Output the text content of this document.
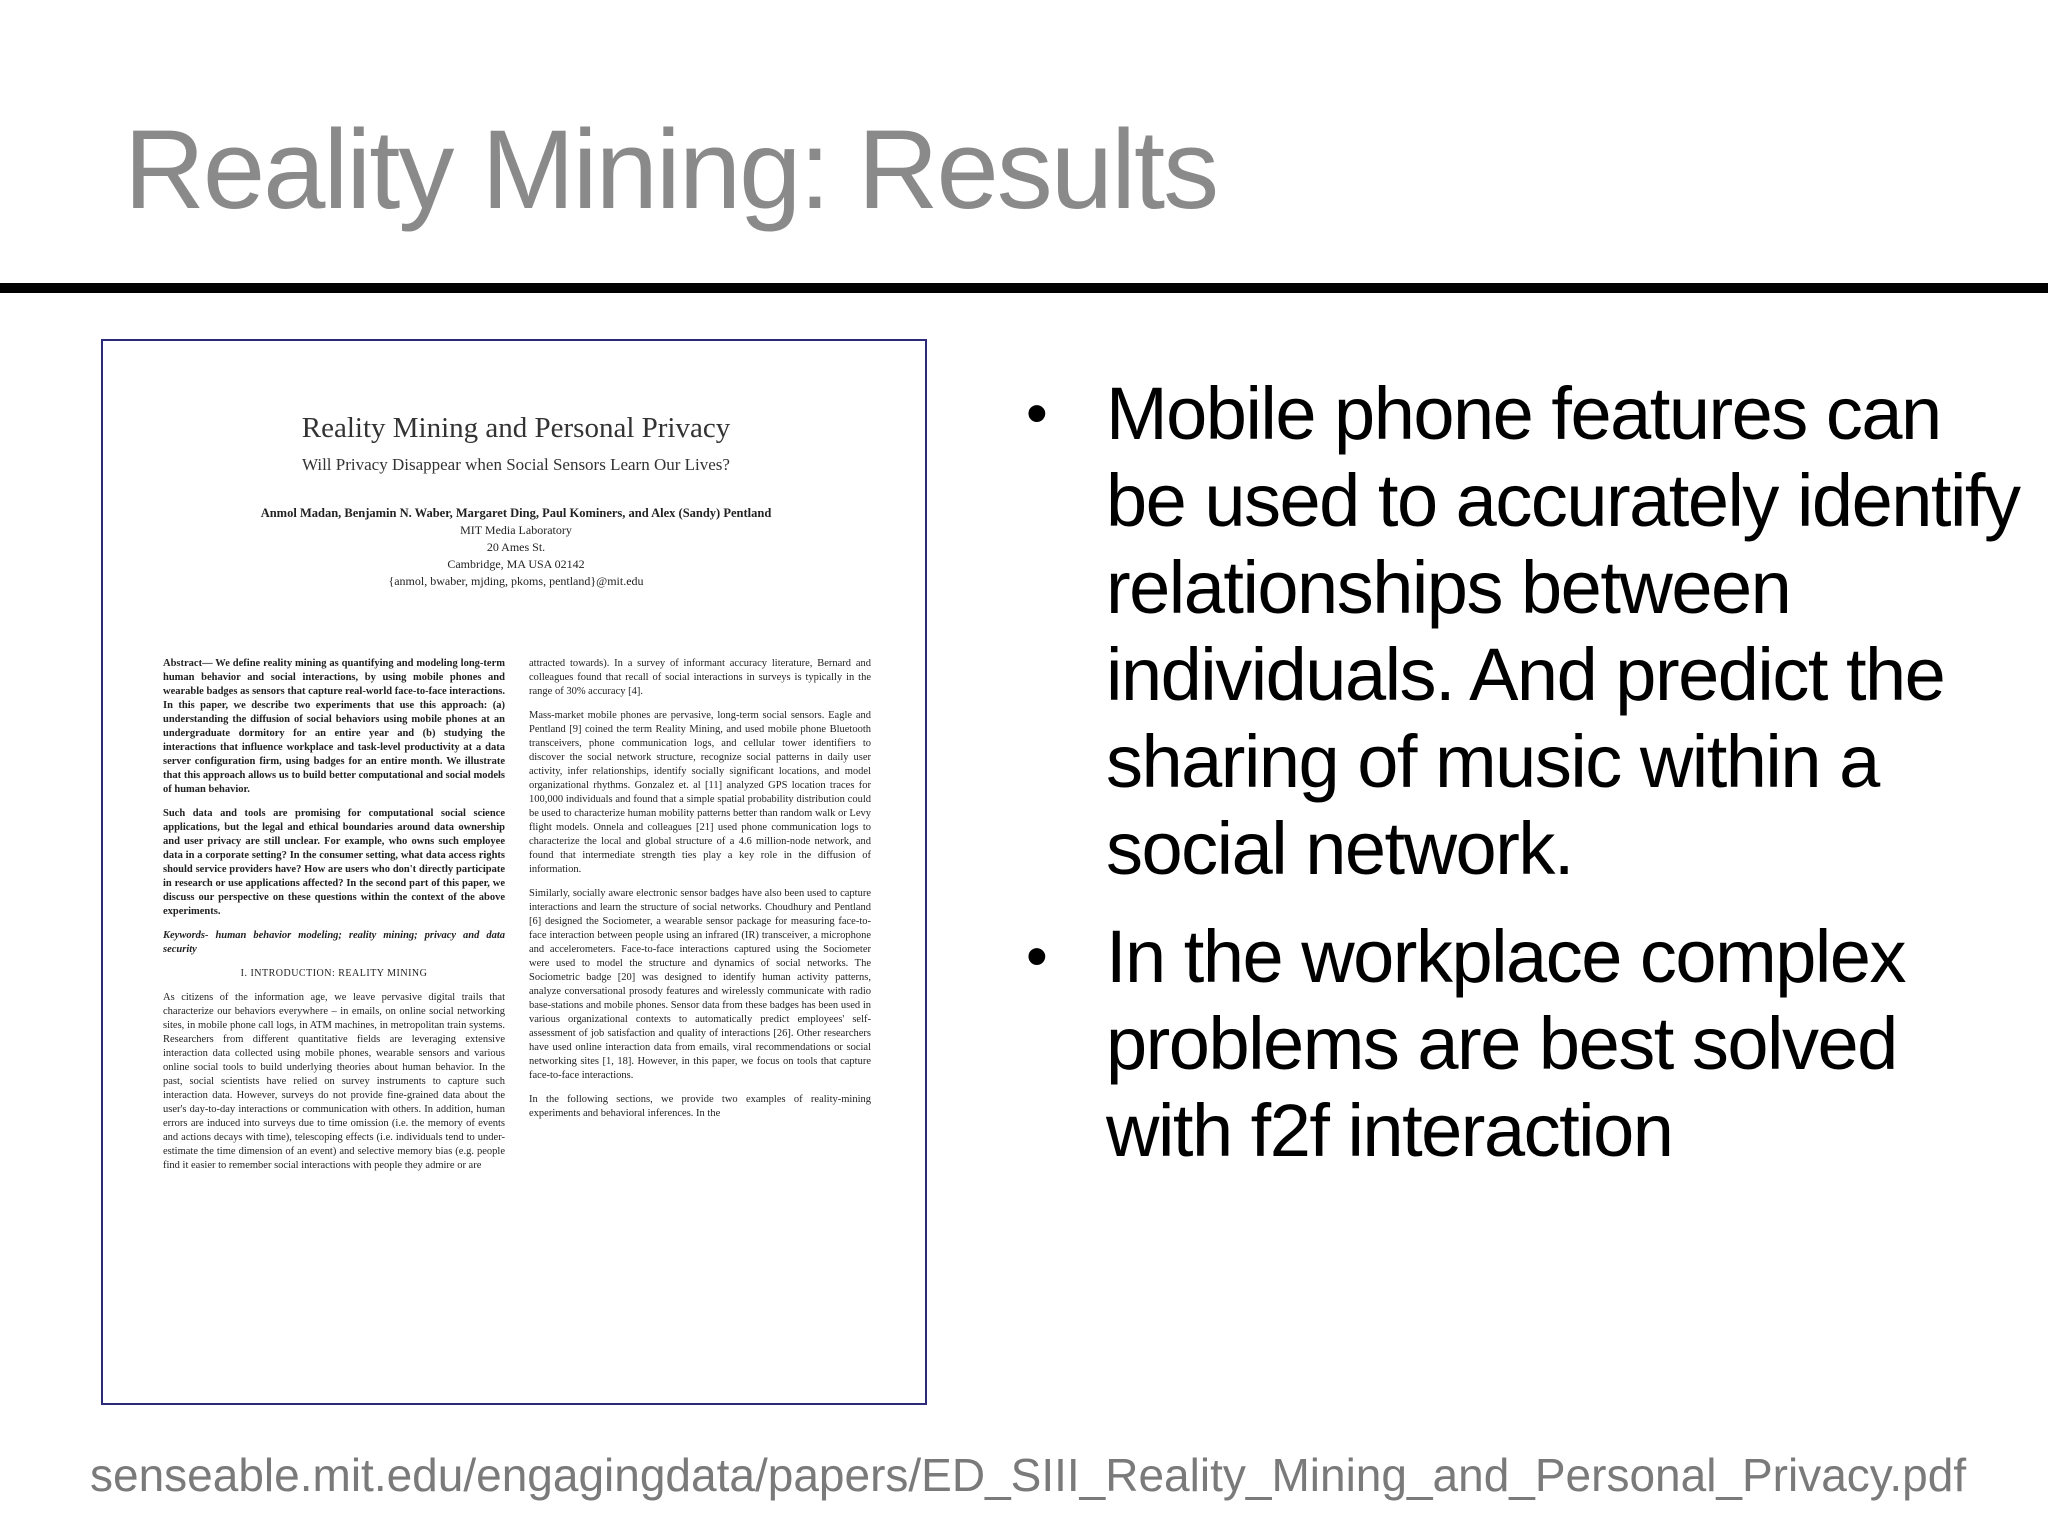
Reality Mining: Results
Reality Mining and Personal Privacy
Will Privacy Disappear when Social Sensors Learn Our Lives?
Anmol Madan, Benjamin N. Waber, Margaret Ding, Paul Kominers, and Alex (Sandy) Pentland
MIT Media Laboratory
20 Ames St.
Cambridge, MA USA 02142
{anmol, bwaber, mjding, pkoms, pentland}@mit.edu

Abstract— We define reality mining as quantifying and modeling long-term human behavior and social interactions, by using mobile phones and wearable badges as sensors that capture real-world face-to-face interactions. In this paper, we describe two experiments that use this approach: (a) understanding the diffusion of social behaviors using mobile phones at an undergraduate dormitory for an entire year and (b) studying the interactions that influence workplace and task-level productivity at a data server configuration firm, using badges for an entire month. We illustrate that this approach allows us to build better computational and social models of human behavior.

Such data and tools are promising for computational social science applications, but the legal and ethical boundaries around data ownership and user privacy are still unclear. For example, who owns such employee data in a corporate setting? In the consumer setting, what data access rights should service providers have? How are users who don't directly participate in research or use applications affected? In the second part of this paper, we discuss our perspective on these questions within the context of the above experiments.

Keywords- human behavior modeling; reality mining; privacy and data security

I. INTRODUCTION: REALITY MINING

As citizens of the information age, we leave pervasive digital trails that characterize our behaviors everywhere – in emails, on online social networking sites, in mobile phone call logs, in ATM machines, in metropolitan train systems. Researchers from different quantitative fields are leveraging extensive interaction data collected using mobile phones, wearable sensors and various online social tools to build underlying theories about human behavior. In the past, social scientists have relied on survey instruments to capture such interaction data. However, surveys do not provide fine-grained data about the user's day-to-day interactions or communication with others. In addition, human errors are induced into surveys due to time omission (i.e. the memory of events and actions decays with time), telescoping effects (i.e. individuals tend to under-estimate the time dimension of an event) and selective memory bias (e.g. people find it easier to remember social interactions with people they admire or are

attracted towards). In a survey of informant accuracy literature, Bernard and colleagues found that recall of social interactions in surveys is typically in the range of 30% accuracy [4].

Mass-market mobile phones are pervasive, long-term social sensors. Eagle and Pentland [9] coined the term Reality Mining, and used mobile phone Bluetooth transceivers, phone communication logs, and cellular tower identifiers to discover the social network structure, recognize social patterns in daily user activity, infer relationships, identify socially significant locations, and model organizational rhythms. Gonzalez et. al [11] analyzed GPS location traces for 100,000 individuals and found that a simple spatial probability distribution could be used to characterize human mobility patterns better than random walk or Levy flight models. Onnela and colleagues [21] used phone communication logs to characterize the local and global structure of a 4.6 million-node network, and found that intermediate strength ties play a key role in the diffusion of information.

Similarly, socially aware electronic sensor badges have also been used to capture interactions and learn the structure of social networks. Choudhury and Pentland [6] designed the Sociometer, a wearable sensor package for measuring face-to-face interaction between people using an infrared (IR) transceiver, a microphone and accelerometers. Face-to-face interactions captured using the Sociometer were used to model the structure and dynamics of social networks. The Sociometric badge [20] was designed to identify human activity patterns, analyze conversational prosody features and wirelessly communicate with radio base-stations and mobile phones. Sensor data from these badges has been used in various organizational contexts to automatically predict employees' self-assessment of job satisfaction and quality of interactions [26]. Other researchers have used online interaction data from emails, viral recommendations or social networking sites [1, 18]. However, in this paper, we focus on tools that capture face-to-face interactions.

In the following sections, we provide two examples of reality-mining experiments and behavioral inferences. In the

• Mobile phone features can be used to accurately identify relationships between individuals. And predict the sharing of music within a social network.
• In the workplace complex problems are best solved with f2f interaction
senseable.mit.edu/engagingdata/papers/ED_SIII_Reality_Mining_and_Personal_Privacy.pdf
